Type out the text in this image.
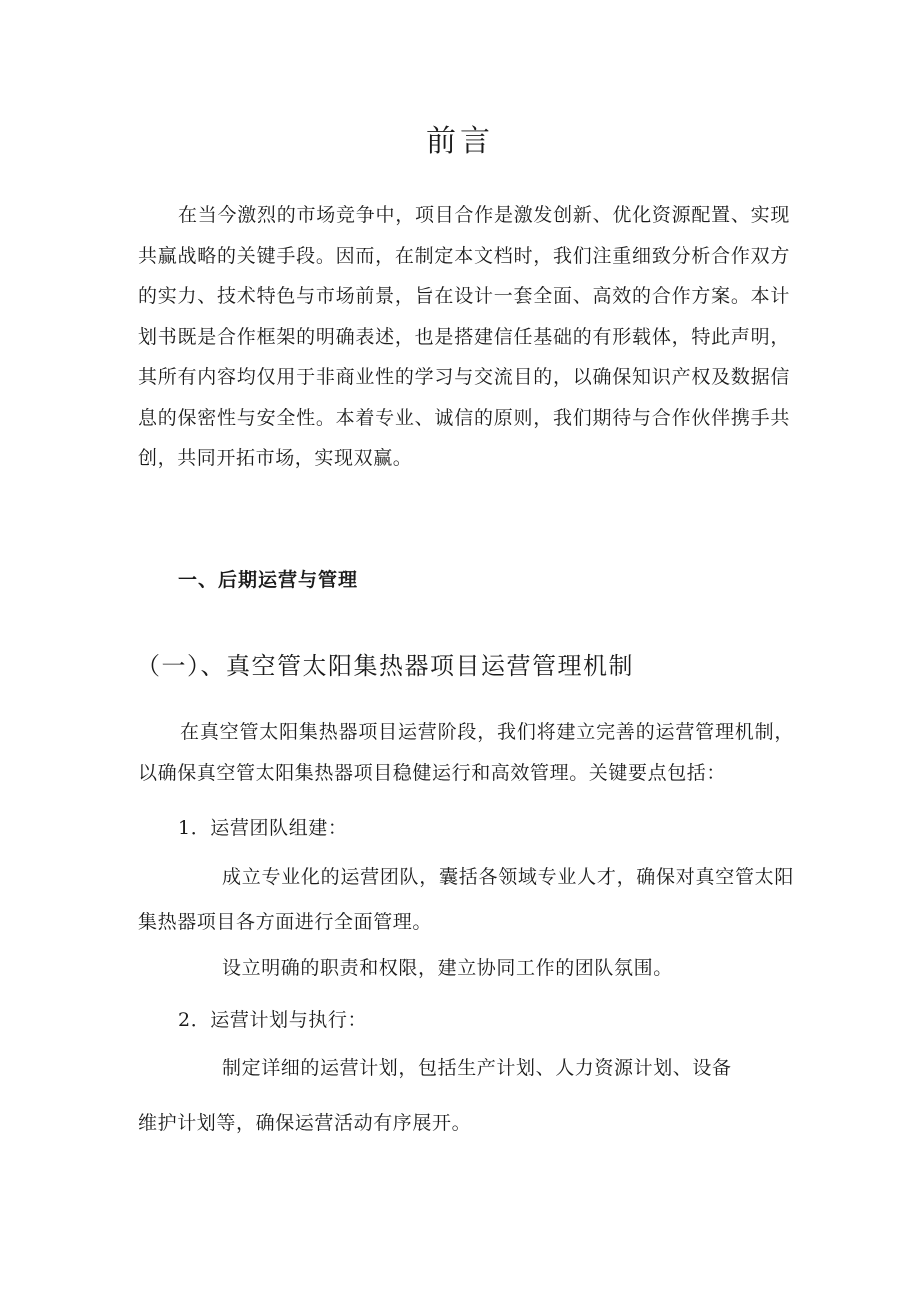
前言

在当今激烈的市场竞争中，项目合作是激发创新、优化资源配置、实现共赢战略的关键手段。因而，在制定本文档时，我们注重细致分析合作双方的实力、技术特色与市场前景，旨在设计一套全面、高效的合作方案。本计划书既是合作框架的明确表述，也是搭建信任基础的有形载体，特此声明，其所有内容均仅用于非商业性的学习与交流目的，以确保知识产权及数据信息的保密性与安全性。本着专业、诚信的原则，我们期待与合作伙伴携手共创，共同开拓市场，实现双赢。

一、后期运营与管理
（一）、真空管太阳集热器项目运营管理机制

在真空管太阳集热器项目运营阶段，我们将建立完善的运营管理机制，以确保真空管太阳集热器项目稳健运行和高效管理。关键要点包括：

1．运营团队组建：

成立专业化的运营团队，囊括各领域专业人才，确保对真空管太阳集热器项目各方面进行全面管理。

设立明确的职责和权限，建立协同工作的团队氛围。

2．运营计划与执行：

制定详细的运营计划，包括生产计划、人力资源计划、设备

维护计划等，确保运营活动有序展开。
